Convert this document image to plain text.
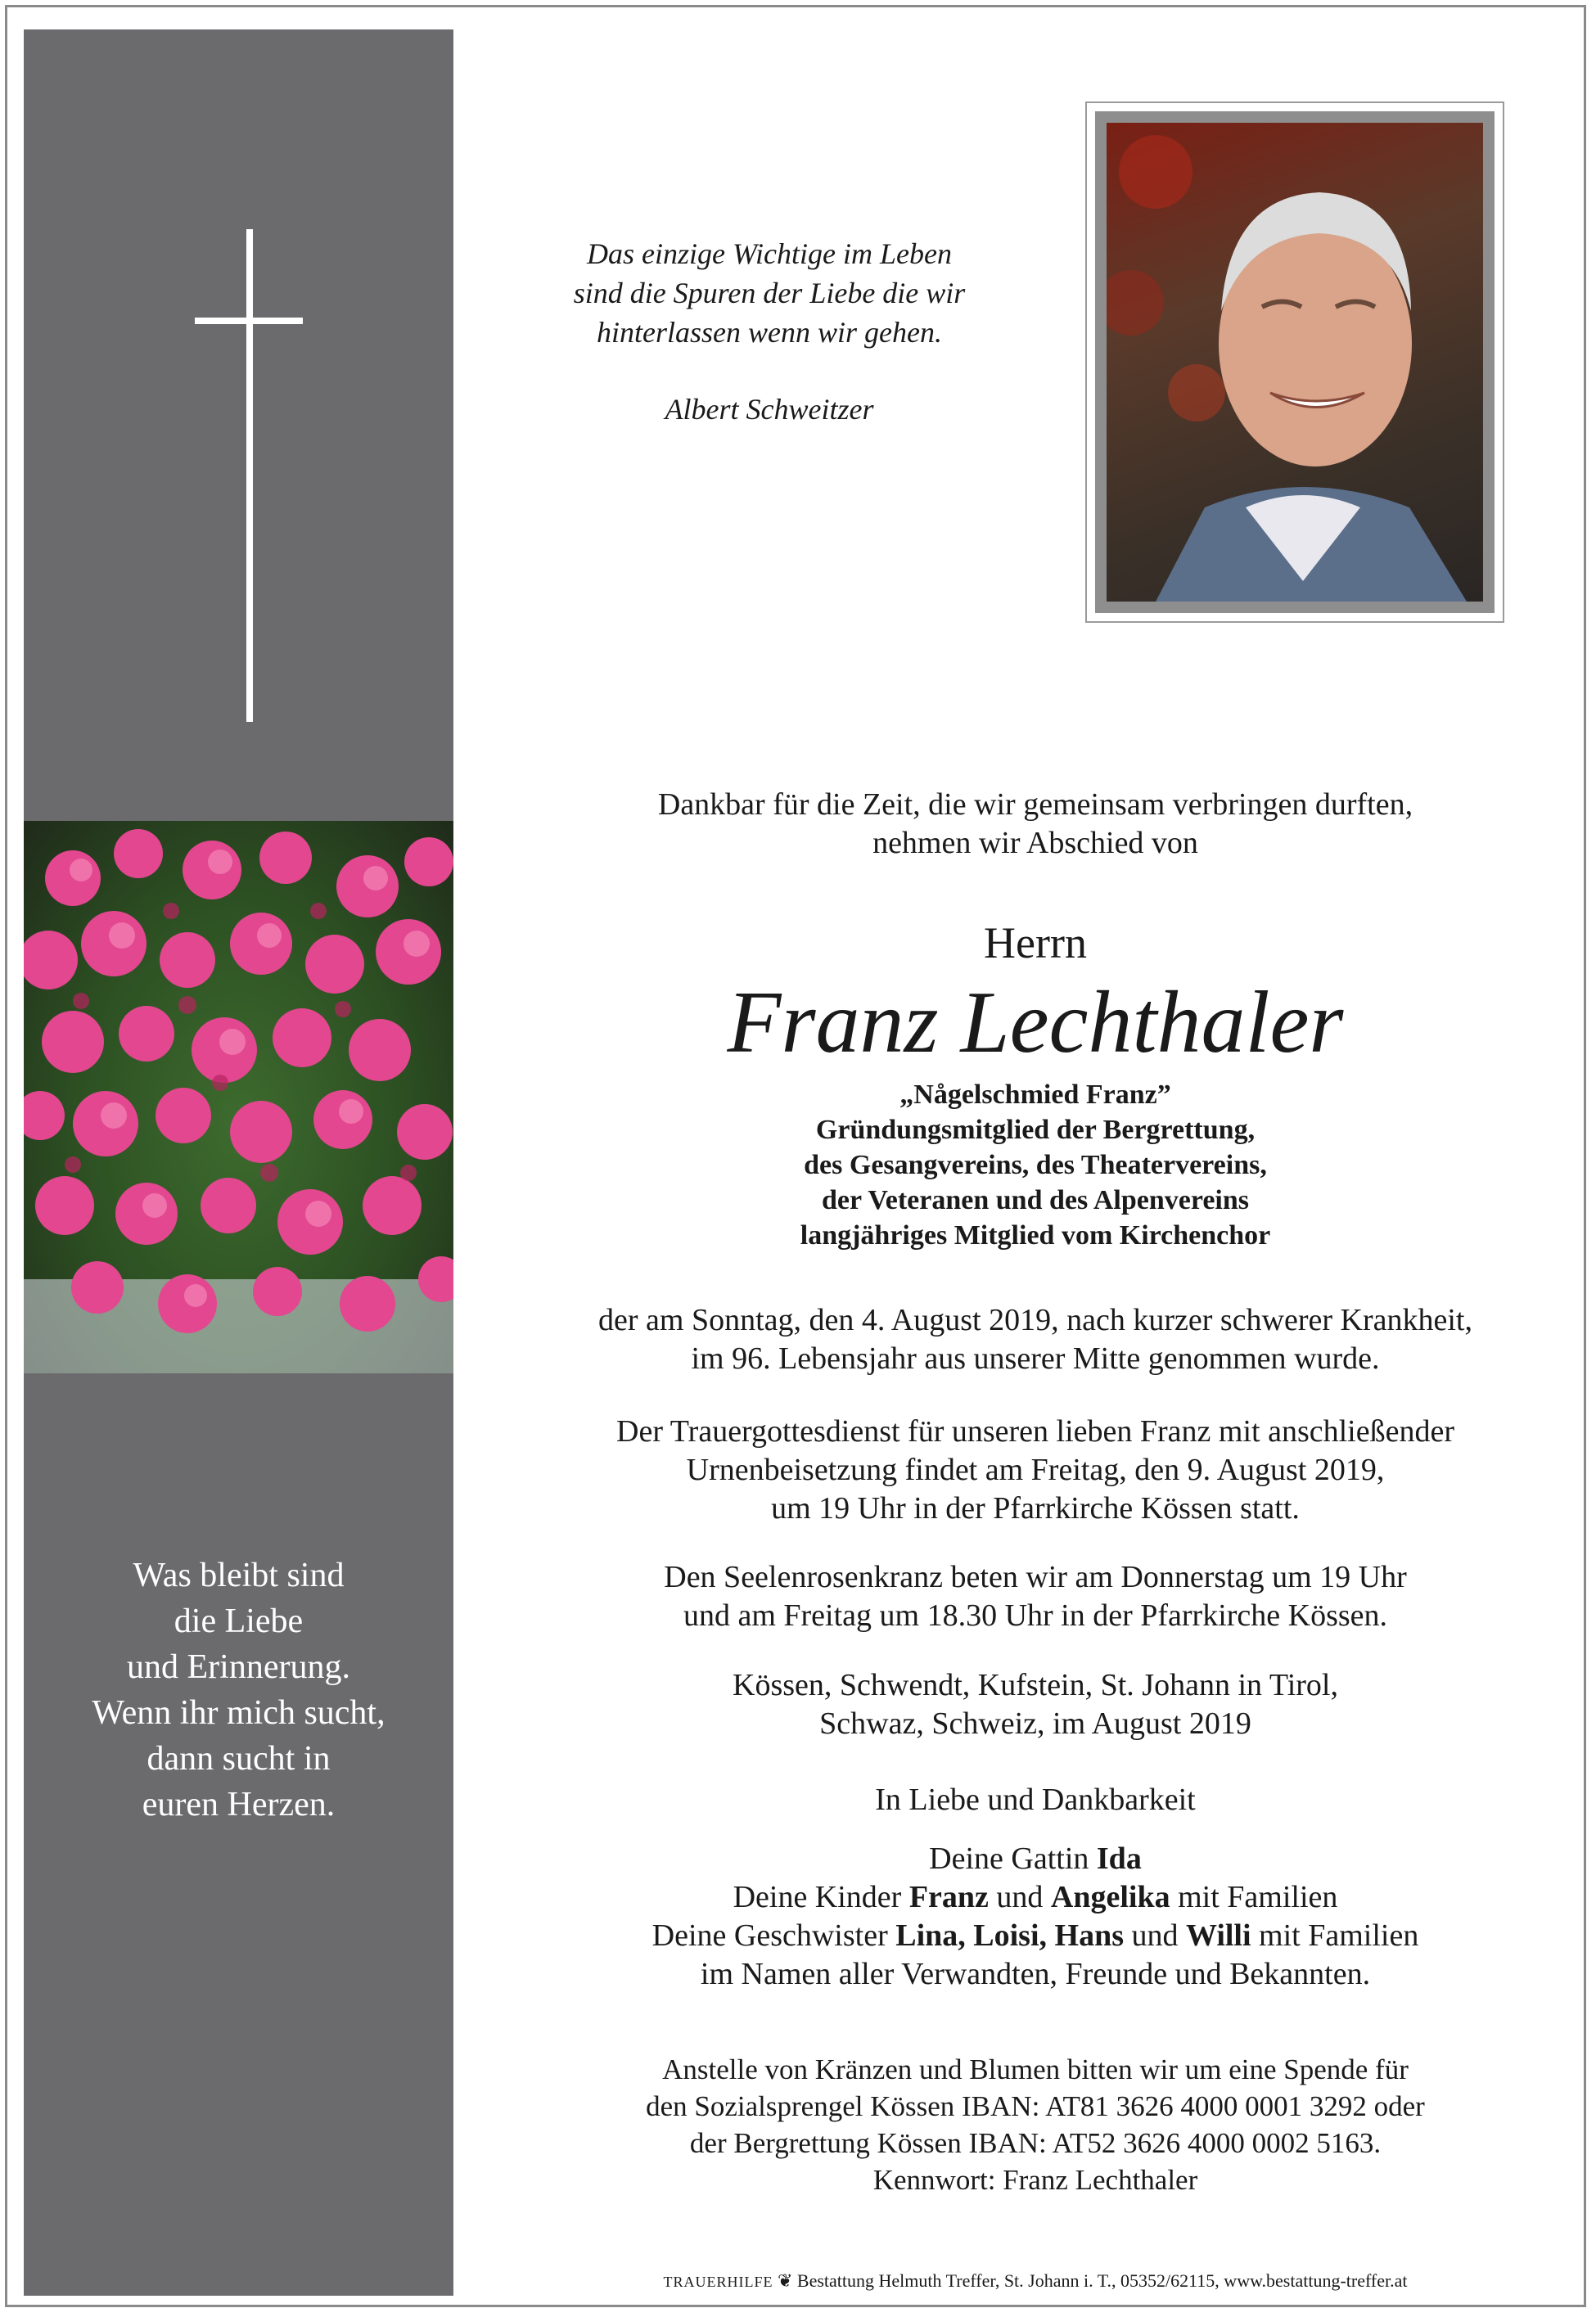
Was bleibt sind
die Liebe
und Erinnerung.
Wenn ihr mich sucht,
dann sucht in
euren Herzen.
Das einzige Wichtige im Leben
sind die Spuren der Liebe die wir
hinterlassen wenn wir gehen.
Albert Schweitzer
Dankbar für die Zeit, die wir gemeinsam verbringen durften,
nehmen wir Abschied von
Herrn
Franz Lechthaler
„Någelschmied Franz”
Gründungsmitglied der Bergrettung,
des Gesangvereins, des Theatervereins,
der Veteranen und des Alpenvereins
langjähriges Mitglied vom Kirchenchor
der am Sonntag, den 4. August 2019, nach kurzer schwerer Krankheit,
im 96. Lebensjahr aus unserer Mitte genommen wurde.
Der Trauergottesdienst für unseren lieben Franz mit anschließender
Urnenbeisetzung findet am Freitag, den 9. August 2019,
um 19 Uhr in der Pfarrkirche Kössen statt.
Den Seelenrosenkranz beten wir am Donnerstag um 19 Uhr
und am Freitag um 18.30 Uhr in der Pfarrkirche Kössen.
Kössen, Schwendt, Kufstein, St. Johann in Tirol,
Schwaz, Schweiz, im August 2019
In Liebe und Dankbarkeit
Deine Gattin Ida
Deine Kinder Franz und Angelika mit Familien
Deine Geschwister Lina, Loisi, Hans und Willi mit Familien
im Namen aller Verwandten, Freunde und Bekannten.
Anstelle von Kränzen und Blumen bitten wir um eine Spende für
den Sozialsprengel Kössen IBAN: AT81 3626 4000 0001 3292 oder
der Bergrettung Kössen IBAN: AT52 3626 4000 0002 5163.
Kennwort: Franz Lechthaler
TRAUERHILFE ❦ Bestattung Helmuth Treffer, St. Johann i. T., 05352/62115, www.bestattung-treffer.at
